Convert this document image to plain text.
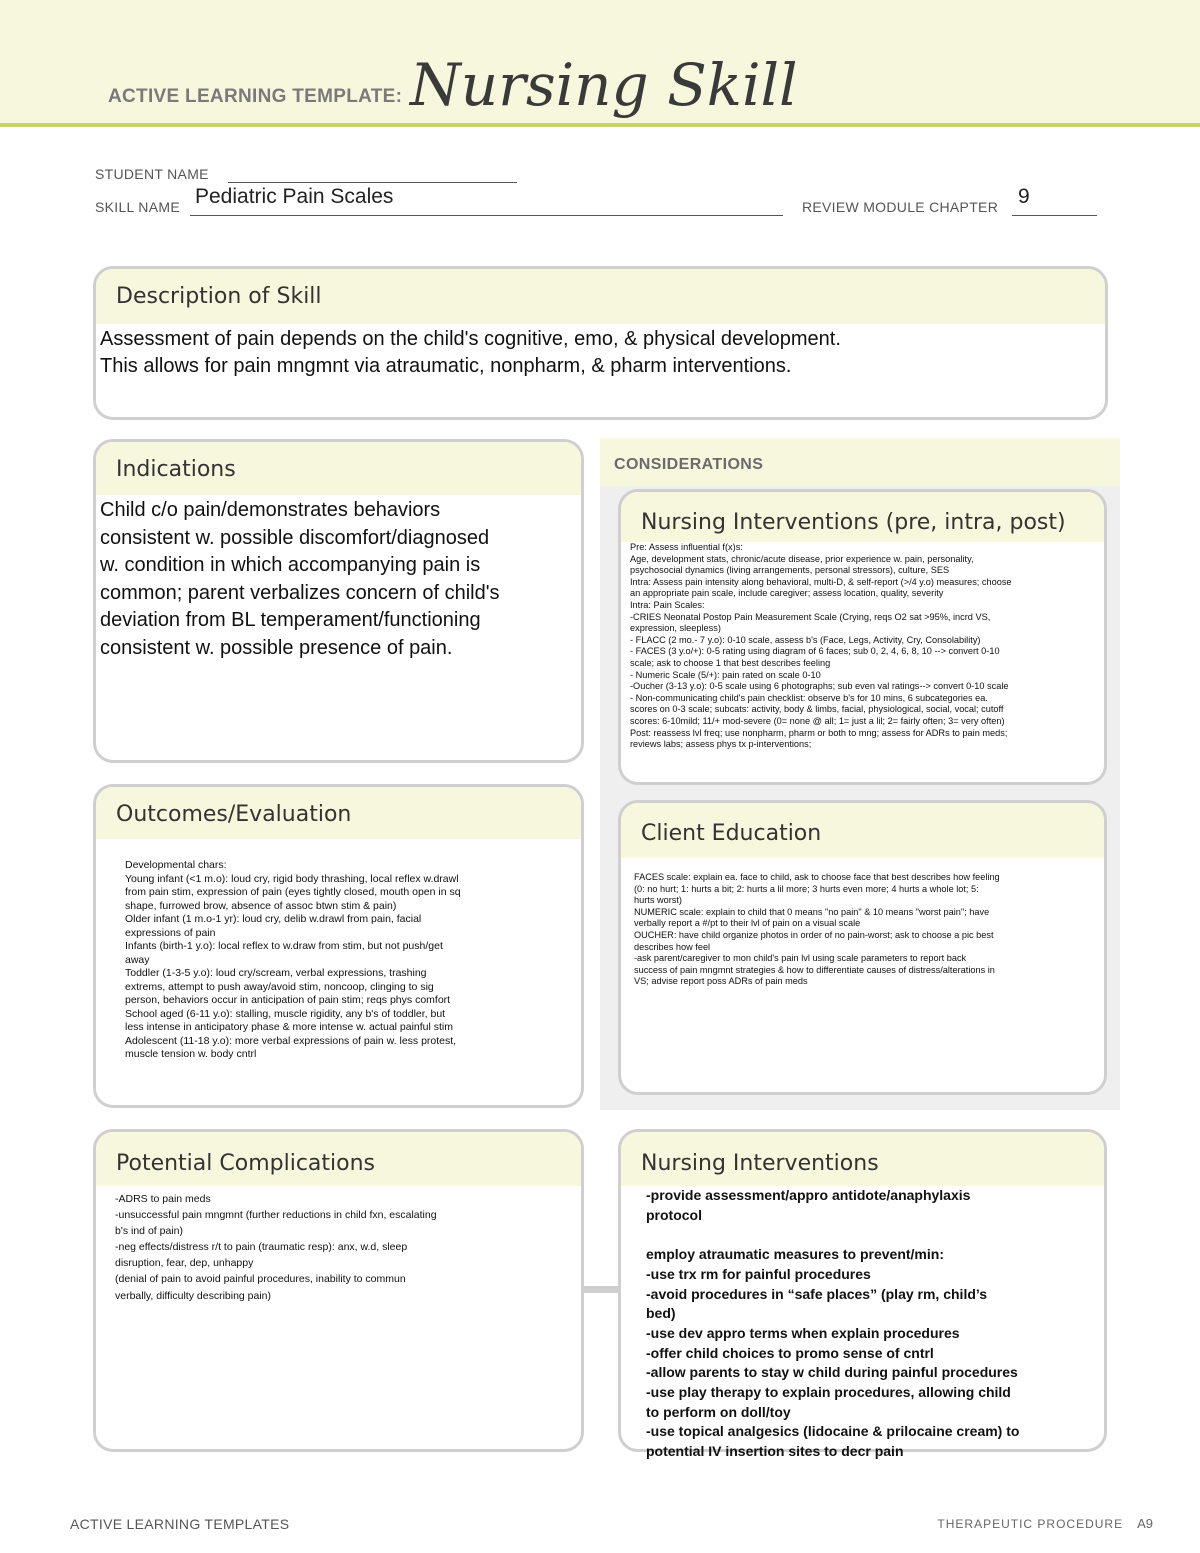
ACTIVE LEARNING TEMPLATE: Nursing Skill
STUDENT NAME
SKILL NAME Pediatric Pain Scales	REVIEW MODULE CHAPTER 9
Description of Skill
Assessment of pain depends on the child's cognitive, emo, & physical development.
This allows for pain mngmnt via atraumatic, nonpharm, & pharm interventions.
Indications
Child c/o pain/demonstrates behaviors
consistent w. possible discomfort/diagnosed
w. condition in which accompanying pain is
common; parent verbalizes concern of child's
deviation from BL temperament/functioning
consistent w. possible presence of pain.
CONSIDERATIONS
Nursing Interventions (pre, intra, post)
Pre: Assess influential f(x)s:
Age, development stats, chronic/acute disease, prior experience w. pain, personality,
psychosocial dynamics (living arrangements, personal stressors), culture, SES
Intra: Assess pain intensity along behavioral, multi-D, & self-report (>/4 y.o) measures; choose
an appropriate pain scale, include caregiver; assess location, quality, severity
Intra: Pain Scales:
-CRIES Neonatal Postop Pain Measurement Scale (Crying, reqs O2 sat >95%, incrd VS,
expression, sleepless)
- FLACC (2 mo.- 7 y.o): 0-10 scale, assess b's (Face, Legs, Activity, Cry, Consolability)
- FACES (3 y.o/+): 0-5 rating using diagram of 6 faces; sub 0, 2, 4, 6, 8, 10 --> convert 0-10
scale; ask to choose 1 that best describes feeling
- Numeric Scale (5/+): pain rated on scale 0-10
-Oucher (3-13 y.o): 0-5 scale using 6 photographs; sub even val ratings--> convert 0-10 scale
- Non-communicating child's pain checklist: observe b's for 10 mins, 6 subcategories ea.
scores on 0-3 scale; subcats: activity, body & limbs, facial, physiological, social, vocal; cutoff
scores: 6-10mild; 11/+ mod-severe (0= none @ all; 1= just a lil; 2= fairly often; 3= very often)
Post: reassess lvl freq; use nonpharm, pharm or both to mng; assess for ADRs to pain meds;
reviews labs; assess phys tx p-interventions;
Client Education
FACES scale: explain ea. face to child, ask to choose face that best describes how feeling
(0: no hurt; 1: hurts a bit; 2: hurts a lil more; 3 hurts even more; 4 hurts a whole lot; 5:
hurts worst)
NUMERIC scale: explain to child that 0 means "no pain" & 10 means "worst pain"; have
verbally report a #/pt to their lvl of pain on a visual scale
OUCHER: have child organize photos in order of no pain-worst; ask to choose a pic best
describes how feel
-ask parent/caregiver to mon child's pain lvl using scale parameters to report back
success of pain mngmnt strategies & how to differentiate causes of distress/alterations in
VS; advise report poss ADRs of pain meds
Outcomes/Evaluation
Developmental chars:
Young infant (<1 m.o): loud cry, rigid body thrashing, local reflex w.drawl
from pain stim, expression of pain (eyes tightly closed, mouth open in sq
shape, furrowed brow, absence of assoc btwn stim & pain)
Older infant (1 m.o-1 yr): loud cry, delib w.drawl from pain, facial
expressions of pain
Infants (birth-1 y.o): local reflex to w.draw from stim, but not push/get
away
Toddler (1-3-5 y.o): loud cry/scream, verbal expressions, trashing
extrems, attempt to push away/avoid stim, noncoop, clinging to sig
person, behaviors occur in anticipation of pain stim; reqs phys comfort
School aged (6-11 y.o): stalling, muscle rigidity, any b's of toddler, but
less intense in anticipatory phase & more intense w. actual painful stim
Adolescent (11-18 y.o): more verbal expressions of pain w. less protest,
muscle tension w. body cntrl
Potential Complications
-ADRS to pain meds
-unsuccessful pain mngmnt (further reductions in child fxn, escalating
b's ind of pain)
-neg effects/distress r/t to pain (traumatic resp): anx, w.d, sleep
disruption, fear, dep, unhappy
(denial of pain to avoid painful procedures, inability to commun
verbally, difficulty describing pain)
Nursing Interventions
-provide assessment/appro antidote/anaphylaxis
protocol
employ atraumatic measures to prevent/min:
-use trx rm for painful procedures
-avoid procedures in “safe places” (play rm, child’s
bed)
-use dev appro terms when explain procedures
-offer child choices to promo sense of cntrl
-allow parents to stay w child during painful procedures
-use play therapy to explain procedures, allowing child
to perform on doll/toy
-use topical analgesics (lidocaine & prilocaine cream) to
potential IV insertion sites to decr pain
ACTIVE LEARNING TEMPLATES	THERAPEUTIC PROCEDURE A9
